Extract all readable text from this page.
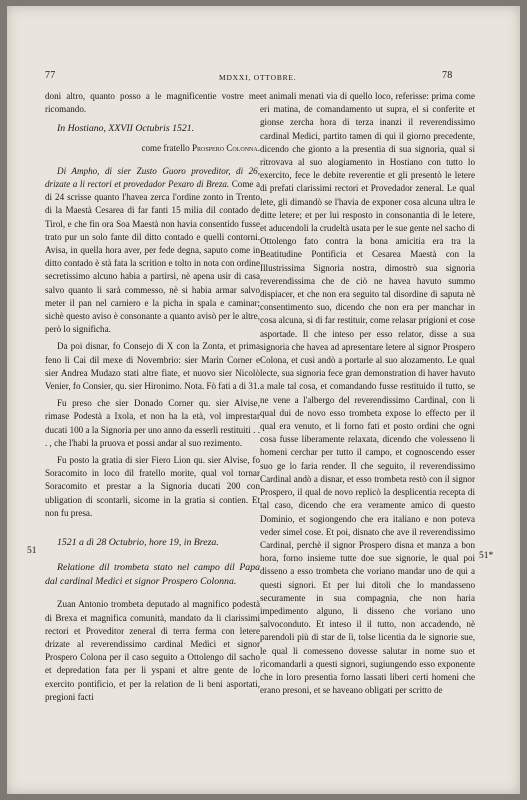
77	MDXXI, OTTOBRE.	78

doni altro, quanto posso a le magnificentie vostre me ricomando.

In Hostiano, XXVII Octubris 1521.

come fratello Prospero Colonna.

Di Ampho, di sier Zusto Guoro proveditor, di 26, drizate a li rectori et provedador Pexaro di Breza. Come a di 24 scrisse quanto l'havea zerca l'ordine zonto in Trento di la Maestà Cesarea di far fanti 15 milia dil contado de Tirol, e che fin ora Soa Maestà non havia consentido fusse trato pur un solo fante dil ditto contado e quelli contorni. Avisa, in quella hora aver, per fede degna, saputo come in ditto contado è stà fata la scrition e tolto in nota con ordine secretissimo alcuno habia a partirsi, nè apena usir di casa salvo quanto li sarà commesso, nè si habia armar salvo meter il pan nel carniero e la picha in spala e caminar; sichè questo aviso è consonante a quanto avisò per le altre, però lo significha.

Da poi disnar, fo Consejo di X con la Zonta, et prima feno li Cai dil mexe di Novembrio: sier Marin Corner e sier Andrea Mudazo stati altre fiate, et nuovo sier Nicolò Venier, fo Consier, qu. sier Hironimo. Nota. Fò fati a di 31.

Fu preso che sier Donado Corner qu. sier Alvise, rimase Podestà a Ixola, et non ha la età, vol imprestar ducati 100 a la Signoria per uno anno da esserli restituiti . . . , che l'habi la pruova et possi andar al suo rezimento.

Fu posto la gratia di sier Fiero Lion qu. sier Alvise, fo Soracomito in loco dil fratello morite, qual vol tornar Soracomito et prestar a la Signoria ducati 200 con ubligation di scontarli, sicome in la gratia si contien. Et non fu presa.

1521 a dì 28 Octubrio, hore 19, in Breza.

Relatione dil trombeta stato nel campo dil Papa dal cardinal Medici et signor Prospero Colonna.

Zuan Antonio trombeta deputado al magnifico podestà di Brexa et magnifica comunità, mandato da li clarissimi rectori et Proveditor zeneral di terra ferma con letere drizate al reverendissimo cardinal Medici et signor Prospero Colona per il caso seguito a Ottolengo dil sacho et depredation fata per li yspani et altre gente de lo exercito pontificio, et per la relation de li beni asportati, pregioni facti

51

et animali menati via di quello loco, referisse: prima come eri matina, de comandamento ut supra, el si conferite et gionse zercha hora di terza inanzi il reverendissimo cardinal Medici, partito tamen di qui il giorno precedente, dicendo che gionto a la presentia di sua signoria, qual si ritrovava al suo alogiamento in Hostiano con tutto lo exercito, fece le debite reverentie et gli presentò le letere di prefati clarissimi rectori et Provedador zeneral. Le qual lete, gli dimandò se l'havia de exponer cosa alcuna ultra le ditte letere; et per lui resposto in consonantia di le letere, et aducendoli la crudeltà usata per le sue gente nel sacho di Ottolengo fato contra la bona amicitia era tra la Beatitudine Pontificia et Cesarea Maestà con la Illustrissima Signoria nostra, dimostrò sua signoria reverendissima che de ciò ne havea havuto summo dispiacer, et che non era seguito tal disordine di saputa nè consentimento suo, dicendo che non era per manchar in cosa alcuna, sì di far restituir, come relasar prigioni et cose asportade. Il che inteso per esso relator, disse a sua signoria che havea ad apresentare letere al signor Prospero Colona, et cusì andò a portarle al suo alozamento. Le qual lecte, sua signoria fece gran demonstration di haver havuto a male tal cosa, et comandando fusse restituido il tutto, se ne vene a l'albergo del reverendissimo Cardinal, con li qual dui de novo esso trombeta expose lo effecto per il qual era venuto, et li forno fati et posto ordini che ogni cosa fusse liberamente relaxata, dicendo che volesseno li homeni cerchar per tutto il campo, et cognoscendo esser suo ge lo faria render. Il che seguito, il reverendissimo Cardinal andò a disnar, et esso trombeta restò con il signor Prospero, il qual de novo replicò la desplicentia recepta di tal caso, dicendo che era veramente amico di questo Dominio, et sogiongendo che era italiano e non poteva veder simel cose. Et poi, disnato che ave il reverendissimo Cardinal, perchè il signor Prospero disna et manza a bon hora, forno insieme tutte doe sue signorie, le qual poi disseno a esso trombeta che voriano mandar uno de qui a questi signori. Et per lui ditoli che lo mandasseno securamente in sua compagnia, che non haria impedimento alguno, li disseno che voriano uno salvoconduto. Et inteso il il tutto, non accadendo, nè parendoli più di star de lì, tolse licentia da le signorie sue, le qual li comesseno dovesse salutar in nome suo et ricomandarli a questi signori, sugiungendo esso exponente che in loro presentia forno lassati liberi certi homeni che erano presoni, et se haveano obligati per scritto de

51*
